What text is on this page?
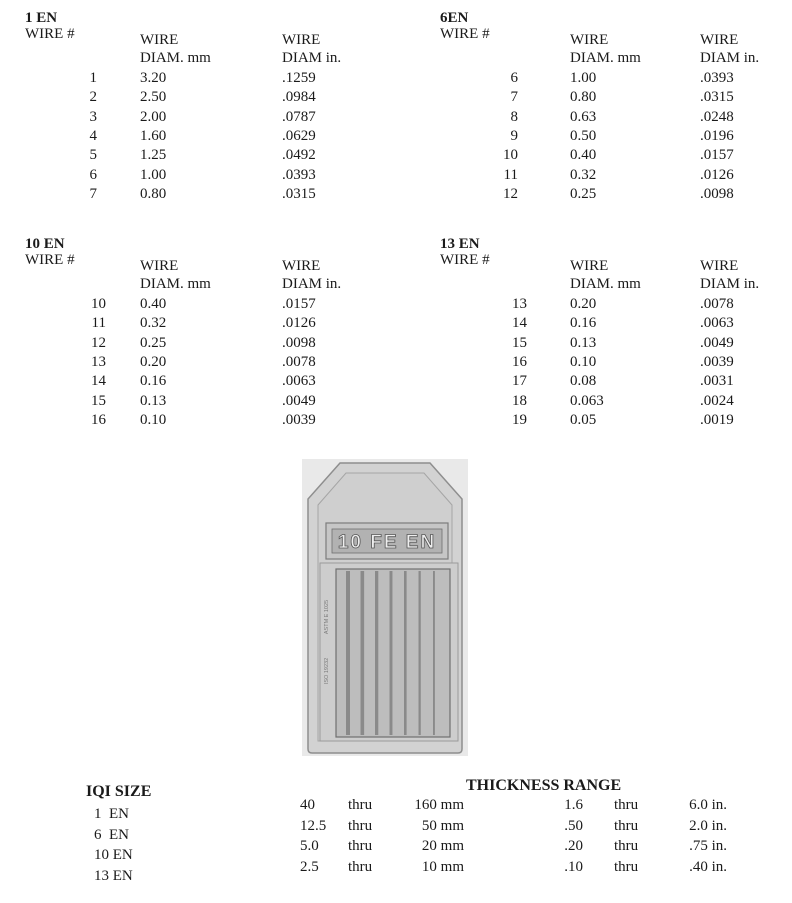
1 EN
WIRE #	WIRE
DIAM. mm
WIRE
DIAM in.
1	3.20	.1259
2	2.50	.0984
3	2.00	.0787
4	1.60	.0629
5	1.25	.0492
6	1.00	.0393
7	0.80	.0315
6EN
WIRE #	WIRE
DIAM. mm
WIRE
DIAM in.
6	1.00	.0393
7	0.80	.0315
8	0.63	.0248
9	0.50	.0196
10	0.40	.0157
11	0.32	.0126
12	0.25	.0098
10 EN
WIRE #	WIRE
DIAM. mm
WIRE
DIAM in.
10 0.40	.0157
11 0.32	.0126
12 0.25	.0098
13 0.20	.0078
14 0.16	.0063
15 0.13	.0049
16 0.10	.0039
13 EN
WIRE #	WIRE
DIAM. mm
WIRE
DIAM in.
13	0.20	.0078
14	0.16	.0063
15	0.13	.0049
16	0.10	.0039
17	0.08	.0031
18	0.063	.0024
19	0.05	.0019
10 FE EN
ASTM E 1025
ISO 19232
IQI SIZE
1  EN
6  EN
10 EN
13 EN
THICKNESS RANGE
40 thru	160 mm	1.6 thru	6.0 in.
12.5 thru	50 mm	.50 thru	2.0 in.
5.0 thru	20 mm	.20 thru	.75 in.
2.5 thru	10 mm	.10 thru	.40 in.
